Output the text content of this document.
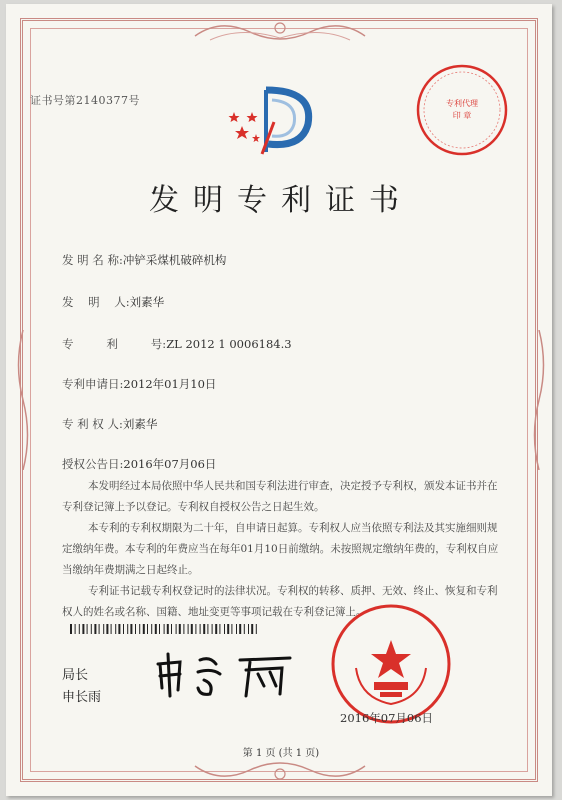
证书号第2140377号	专利代理
印 章
发明专利证书
发 明 名 称:冲铲采煤机破碎机构
发    明    人:刘素华
专         利         号:ZL 2012 1 0006184.3
专利申请日:2012年01月10日
专 利 权 人:刘素华
授权公告日:2016年07月06日

本发明经过本局依照中华人民共和国专利法进行审查，决定授予专利权，颁发本证书并在专利登记簿上予以登记。专利权自授权公告之日起生效。

本专利的专利权期限为二十年，自申请日起算。专利权人应当依照专利法及其实施细则规定缴纳年费。本专利的年费应当在每年01月10日前缴纳。未按照规定缴纳年费的，专利权自应当缴纳年费期满之日起终止。

专利证书记载专利权登记时的法律状况。专利权的转移、质押、无效、终止、恢复和专利权人的姓名或名称、国籍、地址变更等事项记载在专利登记簿上。

局长
申长雨
2016年07月06日
第 1 页 (共 1 页)
